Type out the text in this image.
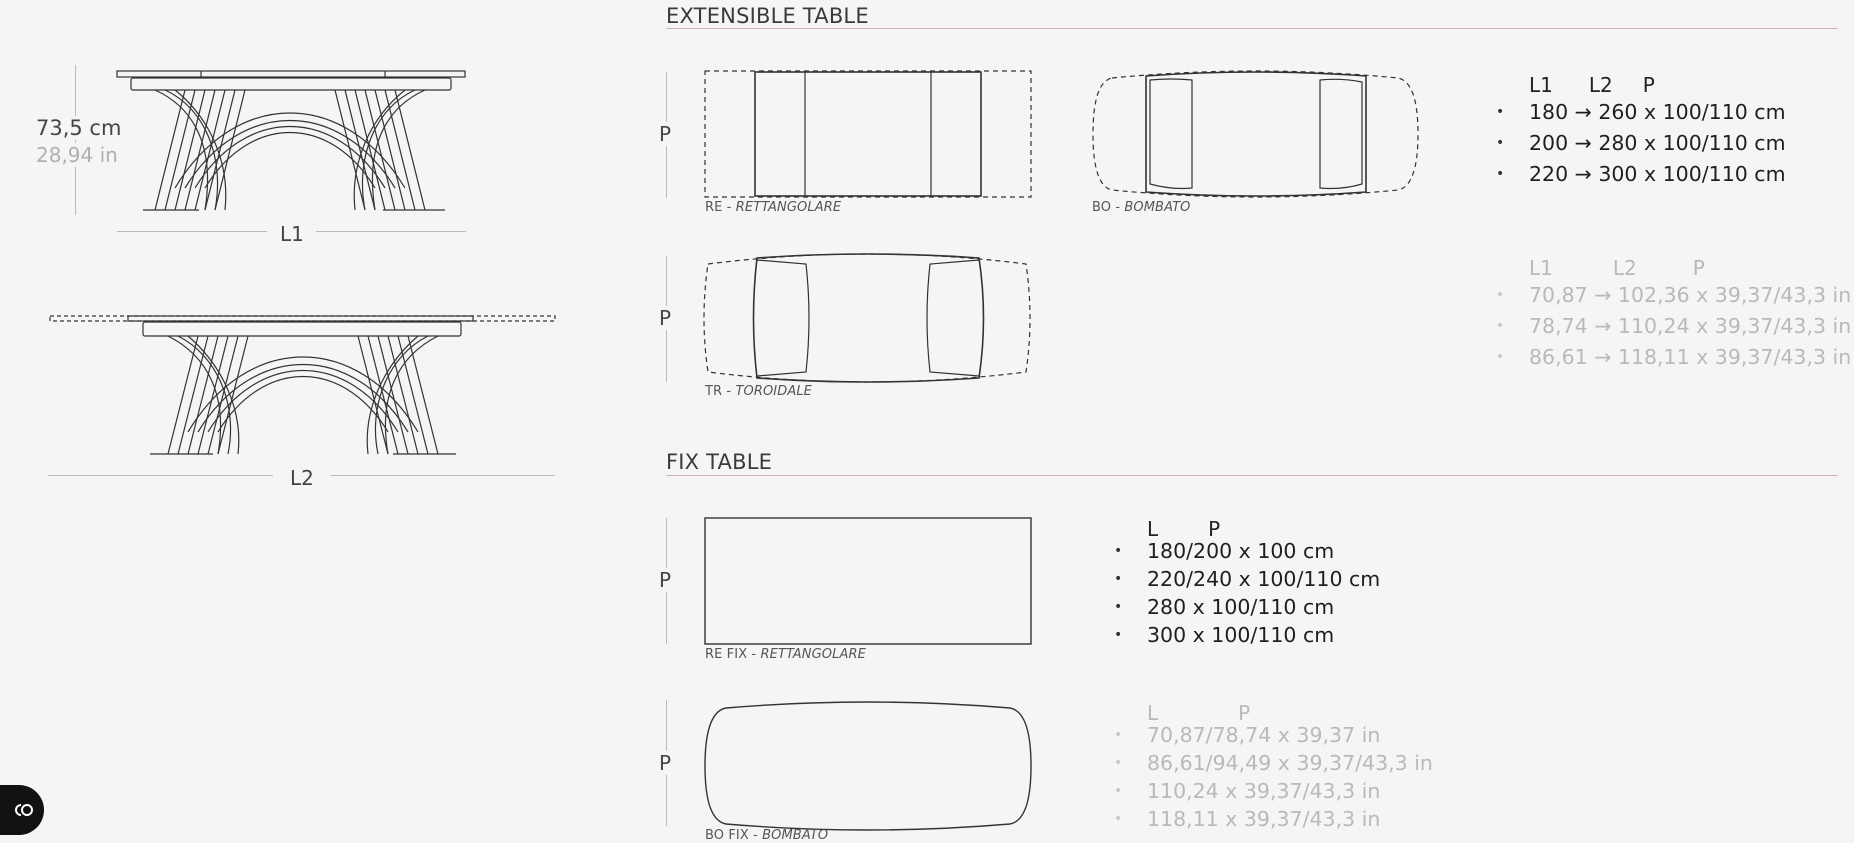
73,5 cm
28,94 in
L1
L2
EXTENSIBLE TABLE
P
RE - RETTANGOLARE	BO - BOMBATO
P
TR - TOROIDALE
L1 L2 P
• 180 → 260 x 100/110 cm
• 200 → 280 x 100/110 cm
• 220 → 300 x 100/110 cm
L1	L2	P
• 70,87 → 102,36 x 39,37/43,3 in
• 78,74 → 110,24 x 39,37/43,3 in
• 86,61 → 118,11 x 39,37/43,3 in
FIX TABLE
P
RE FIX - RETTANGOLARE
P
BO FIX - BOMBATO
L	P
• 180/200 x 100 cm
• 220/240 x 100/110 cm
• 280 x 100/110 cm
• 300 x 100/110 cm
L	P
• 70,87/78,74 x 39,37 in
• 86,61/94,49 x 39,37/43,3 in
• 110,24 x 39,37/43,3 in
• 118,11 x 39,37/43,3 in
